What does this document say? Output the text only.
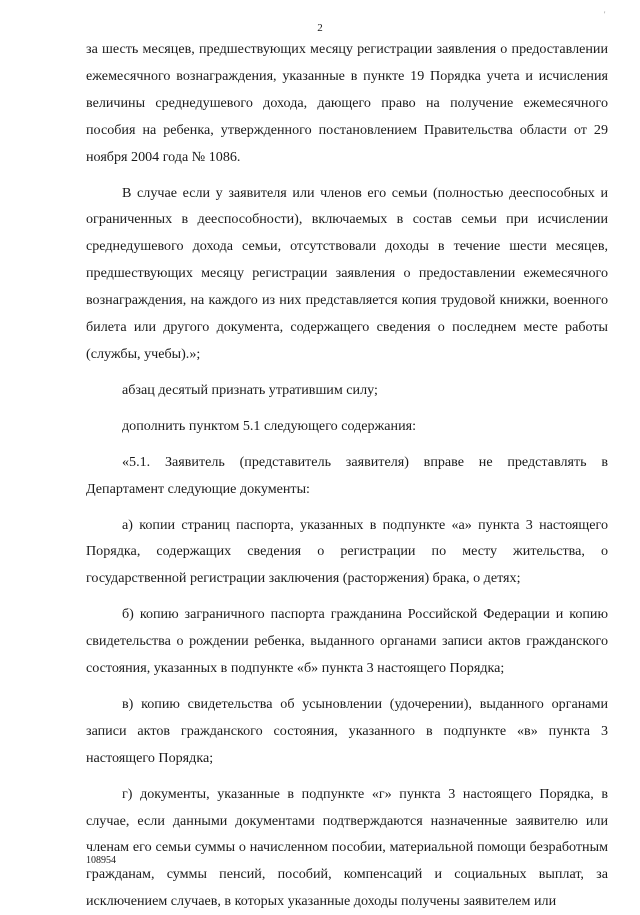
2
'

за шесть месяцев, предшествующих месяцу регистрации заявления о предоставлении ежемесячного вознаграждения, указанные в пункте 19 Порядка учета и исчисления величины среднедушевого дохода, дающего право на получение ежемесячного пособия на ребенка, утвержденного постановлением Правительства области от 29 ноября 2004 года № 1086.

В случае если у заявителя или членов его семьи (полностью дееспособных и ограниченных в дееспособности), включаемых в состав семьи при исчислении среднедушевого дохода семьи, отсутствовали доходы в течение шести месяцев, предшествующих месяцу регистрации заявления о предоставлении ежемесячного вознаграждения, на каждого из них представляется копия трудовой книжки, военного билета или другого документа, содержащего сведения о последнем месте работы (службы, учебы).»;

абзац десятый признать утратившим силу;

дополнить пунктом 5.1 следующего содержания:

«5.1. Заявитель (представитель заявителя) вправе не представлять в Департамент следующие документы:

а) копии страниц паспорта, указанных в подпункте «а» пункта 3 настоящего Порядка, содержащих сведения о регистрации по месту жительства, о государственной регистрации заключения (расторжения) брака, о детях;

б) копию заграничного паспорта гражданина Российской Федерации и копию свидетельства о рождении ребенка, выданного органами записи актов гражданского состояния, указанных в подпункте «б» пункта 3 настоящего Порядка;

в) копию свидетельства об усыновлении (удочерении), выданного органами записи актов гражданского состояния, указанного в подпункте «в» пункта 3 настоящего Порядка;

г) документы, указанные в подпункте «г» пункта 3 настоящего Порядка, в случае, если данными документами подтверждаются назначенные заявителю или членам его семьи суммы о начисленном пособии, материальной помощи безработным гражданам, суммы пенсий, пособий, компенсаций и социальных выплат, за исключением случаев, в которых указанные доходы получены заявителем или

108954
